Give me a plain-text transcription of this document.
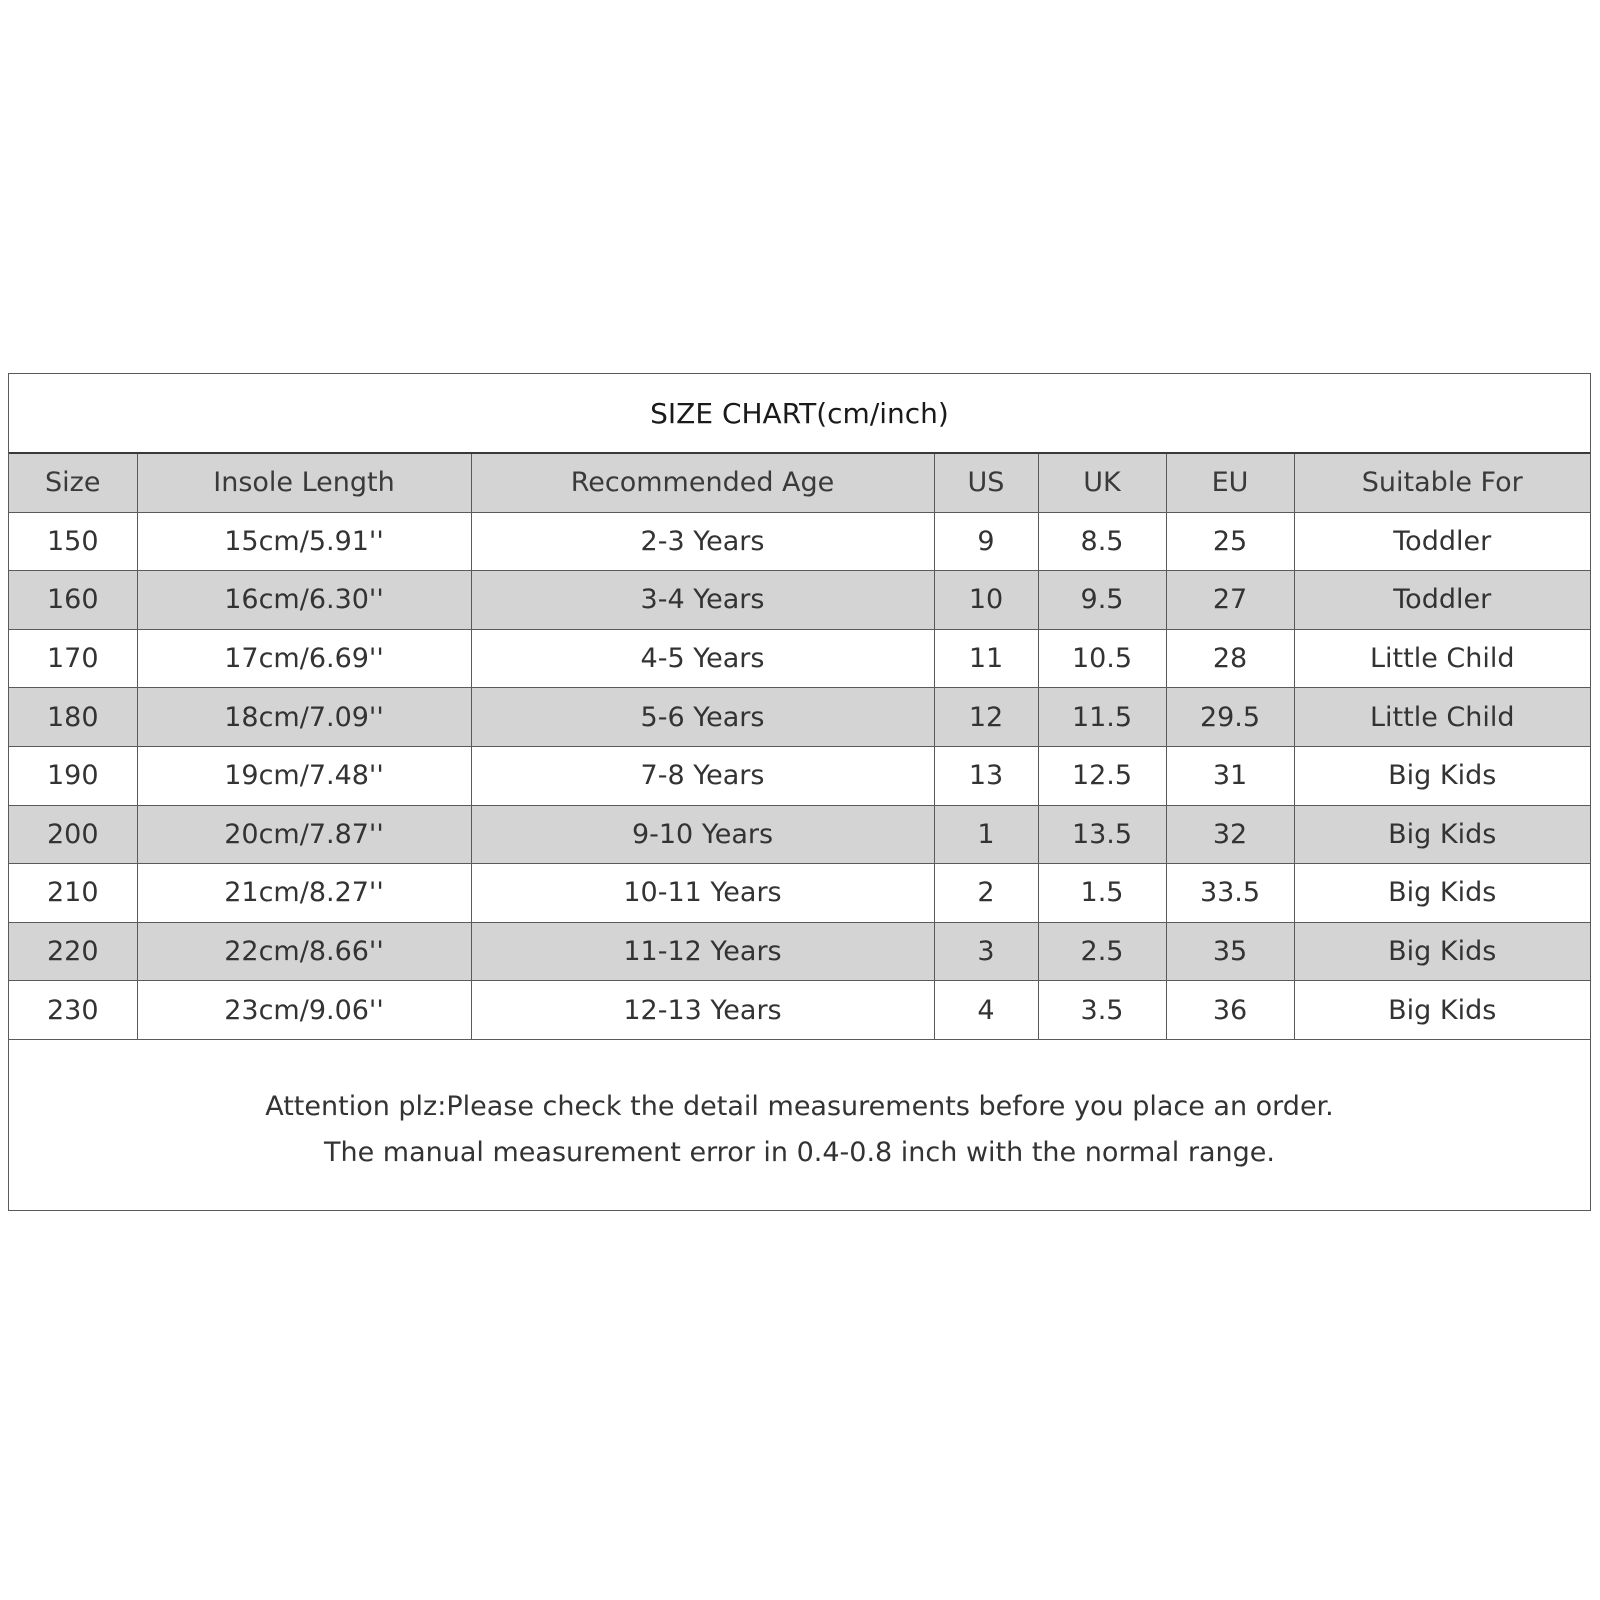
SIZE CHART(cm/inch)
Size	Insole Length	Recommended Age	US	UK	EU	Suitable For
150	15cm/5.91''	2-3 Years	9	8.5	25	Toddler
160	16cm/6.30''	3-4 Years	10	9.5	27	Toddler
170	17cm/6.69''	4-5 Years	11	10.5	28	Little Child
180	18cm/7.09''	5-6 Years	12	11.5	29.5	Little Child
190	19cm/7.48''	7-8 Years	13	12.5	31	Big Kids
200	20cm/7.87''	9-10 Years	1	13.5	32	Big Kids
210	21cm/8.27''	10-11 Years	2	1.5	33.5	Big Kids
220	22cm/8.66''	11-12 Years	3	2.5	35	Big Kids
230	23cm/9.06''	12-13 Years	4	3.5	36	Big Kids
Attention plz:Please check the detail measurements before you place an order.
The manual measurement error in 0.4-0.8 inch with the normal range.
